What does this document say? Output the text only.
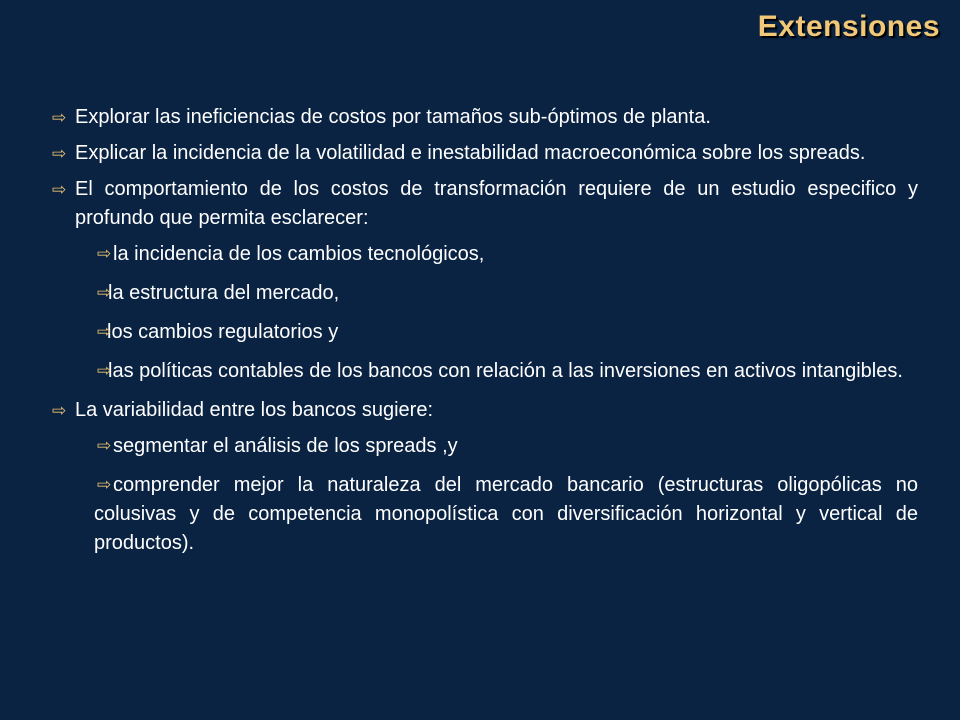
Extensiones
⇨ Explorar las ineficiencias de costos por tamaños sub-óptimos de planta.
⇨ Explicar la incidencia de la volatilidad e inestabilidad macroeconómica sobre los spreads.
⇨ El comportamiento de los costos de transformación requiere de un estudio especifico y profundo que permita esclarecer:
⇨ la incidencia de los cambios tecnológicos,
⇨
la estructura del mercado,
⇨
los cambios regulatorios y
⇨
las políticas contables de los bancos con relación a las inversiones en activos intangibles.
⇨ La variabilidad entre los bancos sugiere:
⇨ segmentar el análisis de los spreads ,y
⇨ comprender mejor la naturaleza del mercado bancario (estructuras oligopólicas no colusivas y de competencia monopolística con diversificación horizontal y vertical de productos).
